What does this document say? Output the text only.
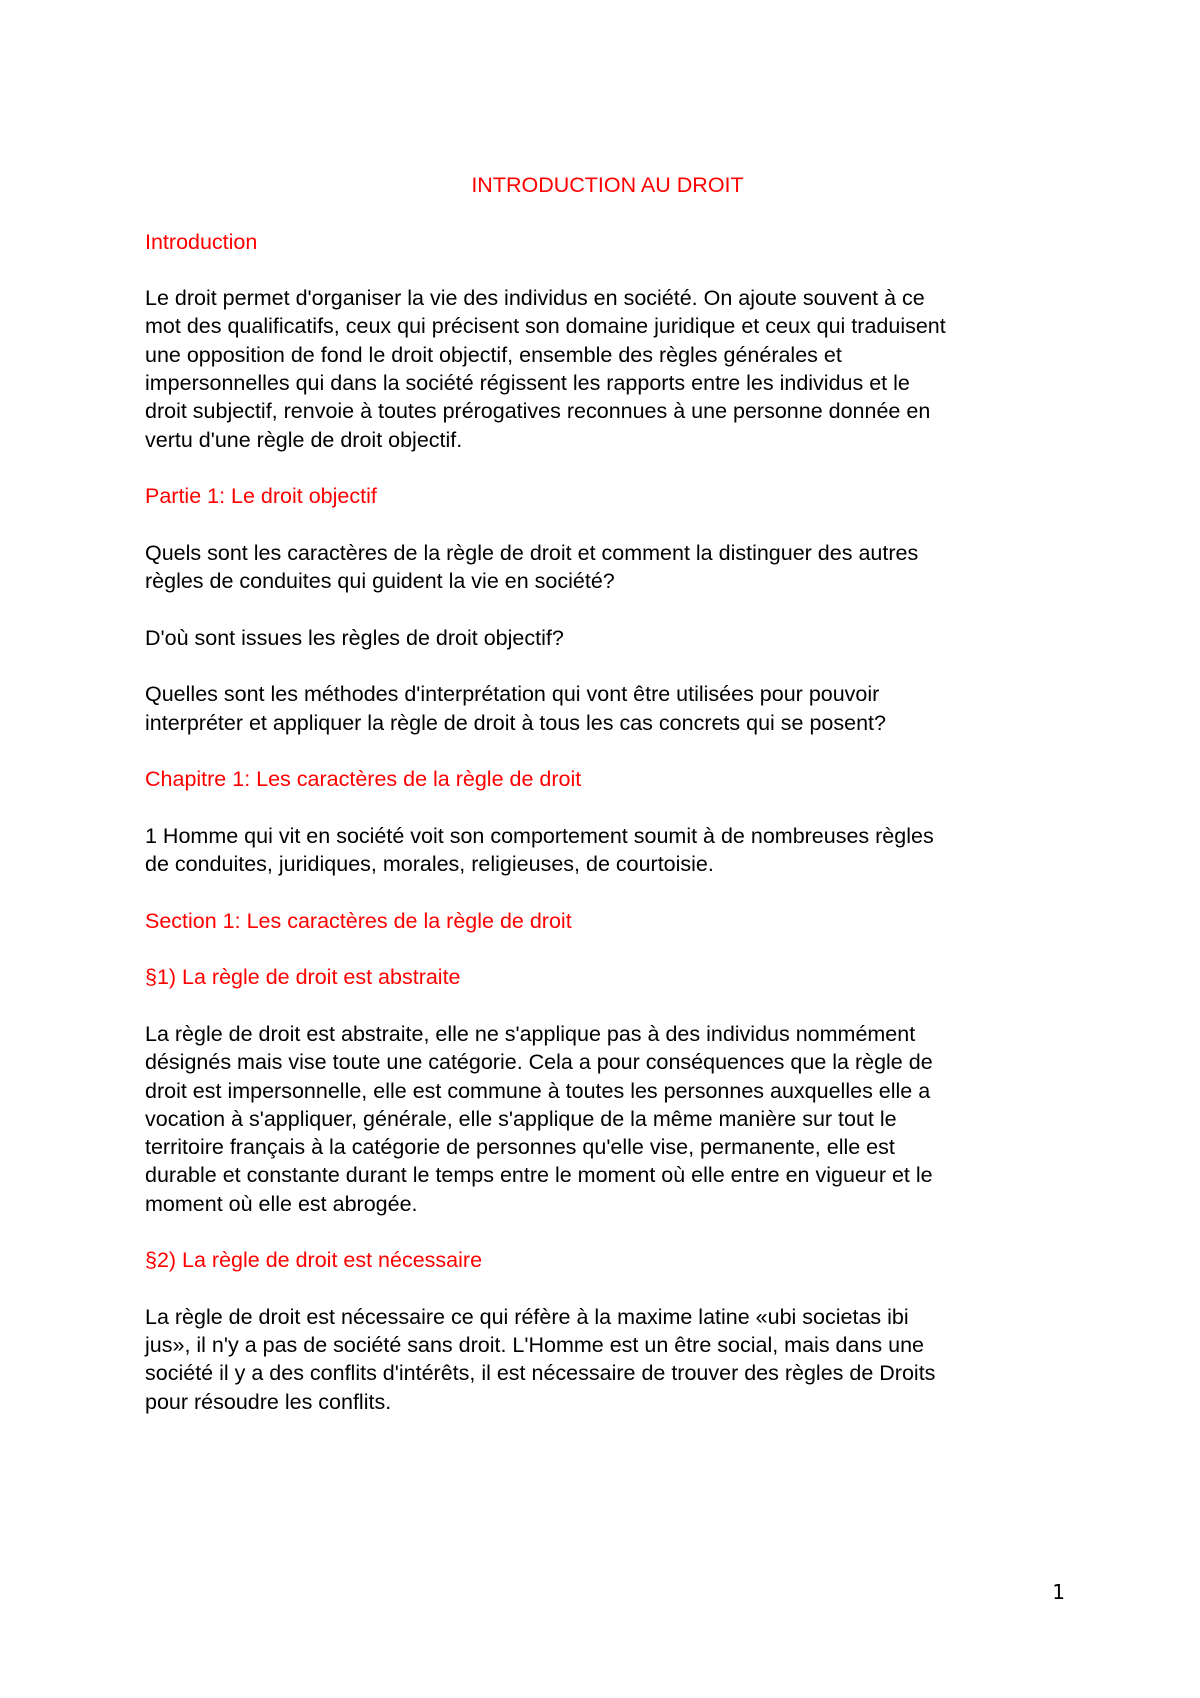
INTRODUCTION AU DROIT
Introduction

Le droit permet d'organiser la vie des individus en société. On ajoute souvent à ce
mot des qualificatifs, ceux qui précisent son domaine juridique et ceux qui traduisent
une opposition de fond le droit objectif, ensemble des règles générales et
impersonnelles qui dans la société régissent les rapports entre les individus et le
droit subjectif, renvoie à toutes prérogatives reconnues à une personne donnée en
vertu d'une règle de droit objectif.

Partie 1: Le droit objectif

Quels sont les caractères de la règle de droit et comment la distinguer des autres
règles de conduites qui guident la vie en société?

D'où sont issues les règles de droit objectif?

Quelles sont les méthodes d'interprétation qui vont être utilisées pour pouvoir
interpréter et appliquer la règle de droit à tous les cas concrets qui se posent?

Chapitre 1: Les caractères de la règle de droit

1 Homme qui vit en société voit son comportement soumit à de nombreuses règles
de conduites, juridiques, morales, religieuses, de courtoisie.

Section 1: Les caractères de la règle de droit
§1) La règle de droit est abstraite

La règle de droit est abstraite, elle ne s'applique pas à des individus nommément
désignés mais vise toute une catégorie. Cela a pour conséquences que la règle de
droit est impersonnelle, elle est commune à toutes les personnes auxquelles elle a
vocation à s'appliquer, générale, elle s'applique de la même manière sur tout le
territoire français à la catégorie de personnes qu'elle vise, permanente, elle est
durable et constante durant le temps entre le moment où elle entre en vigueur et le
moment où elle est abrogée.

§2) La règle de droit est nécessaire

La règle de droit est nécessaire ce qui réfère à la maxime latine «ubi societas ibi
jus», il n'y a pas de société sans droit. L'Homme est un être social, mais dans une
société il y a des conflits d'intérêts, il est nécessaire de trouver des règles de Droits
pour résoudre les conflits.

1
